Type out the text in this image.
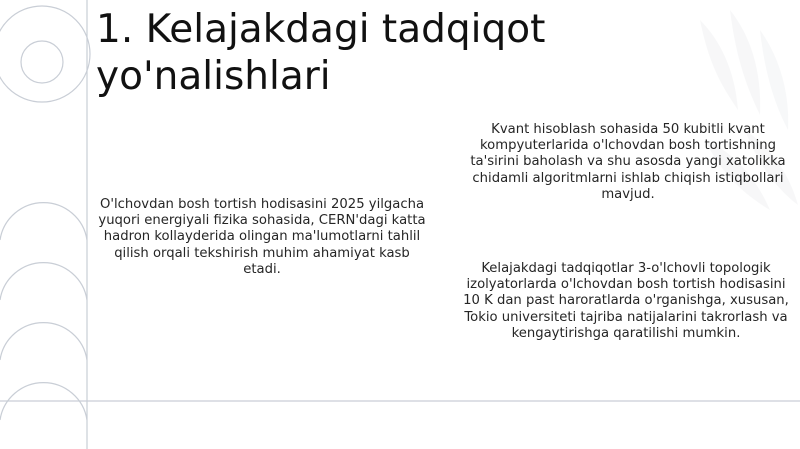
1. Kelajakdagi tadqiqot yo'nalishlari

O'lchovdan bosh tortish hodisasini 2025 yilgacha yuqori energiyali fizika sohasida, CERN'dagi katta hadron kollayderida olingan ma'lumotlarni tahlil qilish orqali tekshirish muhim ahamiyat kasb etadi.

Kvant hisoblash sohasida 50 kubitli kvant kompyuterlarida o'lchovdan bosh tortishning ta'sirini baholash va shu asosda yangi xatolikka chidamli algoritmlarni ishlab chiqish istiqbollari mavjud.

Kelajakdagi tadqiqotlar 3-o'lchovli topologik izolyatorlarda o'lchovdan bosh tortish hodisasini 10 K dan past haroratlarda o'rganishga, xususan, Tokio universiteti tajriba natijalarini takrorlash va kengaytirishga qaratilishi mumkin.
